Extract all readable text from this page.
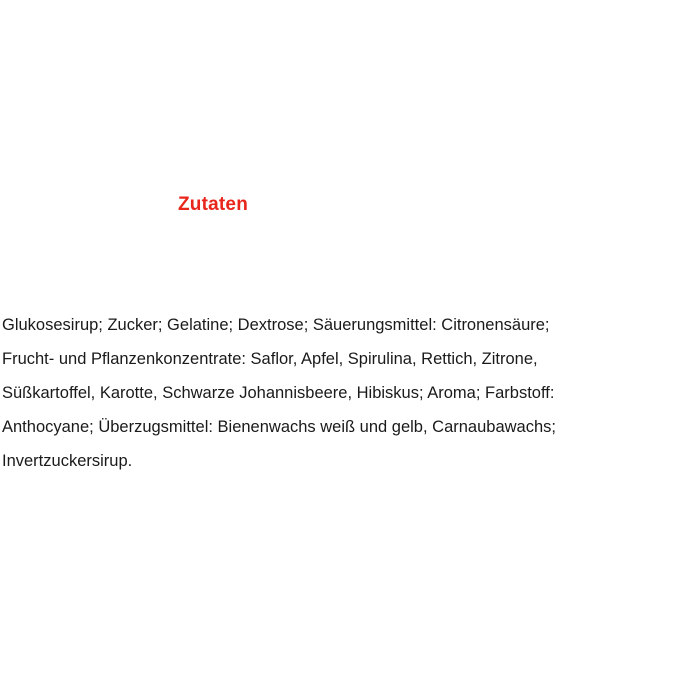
Zutaten
Glukosesirup; Zucker; Gelatine; Dextrose; Säuerungsmittel: Citronensäure;
Frucht- und Pflanzenkonzentrate: Saflor, Apfel, Spirulina, Rettich, Zitrone,
Süßkartoffel, Karotte, Schwarze Johannisbeere, Hibiskus; Aroma; Farbstoff:
Anthocyane; Überzugsmittel: Bienenwachs weiß und gelb, Carnaubawachs;
Invertzuckersirup.
